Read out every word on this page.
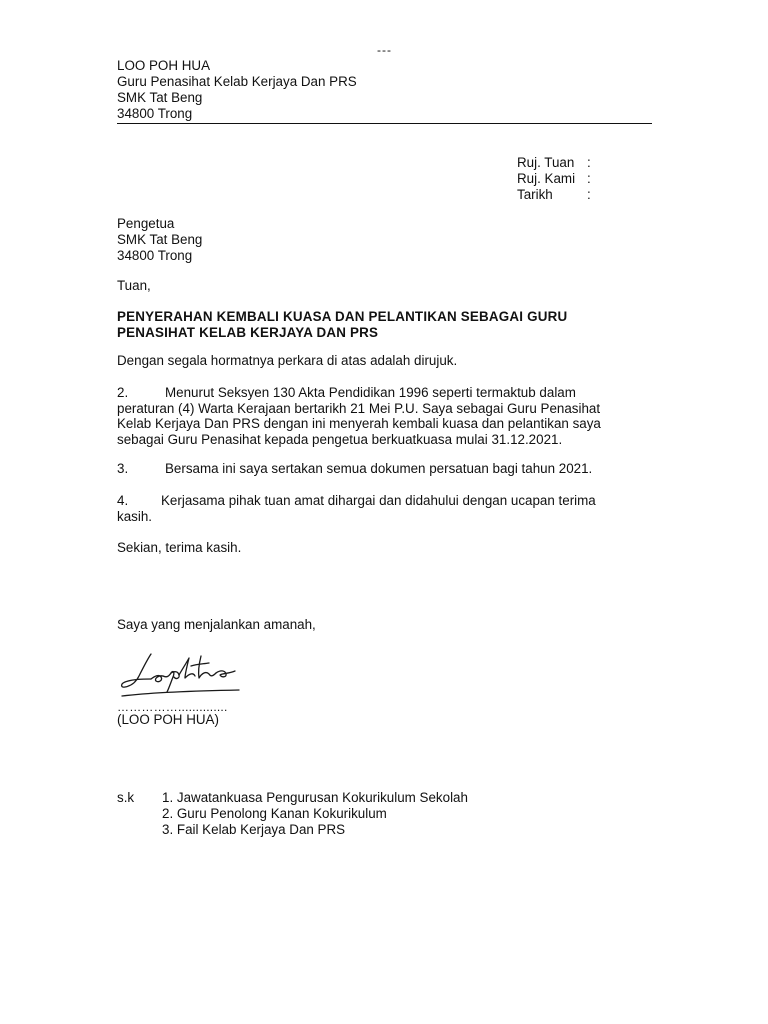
---
LOO POH HUA
Guru Penasihat Kelab Kerjaya Dan PRS
SMK Tat Beng
34800 Trong
Ruj. Tuan :
Ruj. Kami :
Tarikh	:
Pengetua
SMK Tat Beng
34800 Trong
Tuan,
PENYERAHAN KEMBALI KUASA DAN PELANTIKAN SEBAGAI GURU
PENASIHAT KELAB KERJAYA DAN PRS
Dengan segala hormatnya perkara di atas adalah dirujuk.
2.	Menurut Seksyen 130 Akta Pendidikan 1996 seperti termaktub dalam
peraturan (4) Warta Kerajaan bertarikh 21 Mei P.U. Saya sebagai Guru Penasihat
Kelab Kerjaya Dan PRS dengan ini menyerah kembali kuasa dan pelantikan saya
sebagai Guru Penasihat kepada pengetua berkuatkuasa mulai 31.12.2021.
3.	Bersama ini saya sertakan semua dokumen persatuan bagi tahun 2021.
4. Kerjasama pihak tuan amat dihargai dan didahului dengan ucapan terima
kasih.
Sekian, terima kasih.
Saya yang menjalankan amanah,
……………..............
(LOO POH HUA)
s.k 1. Jawatankuasa Pengurusan Kokurikulum Sekolah
2. Guru Penolong Kanan Kokurikulum
3. Fail Kelab Kerjaya Dan PRS
